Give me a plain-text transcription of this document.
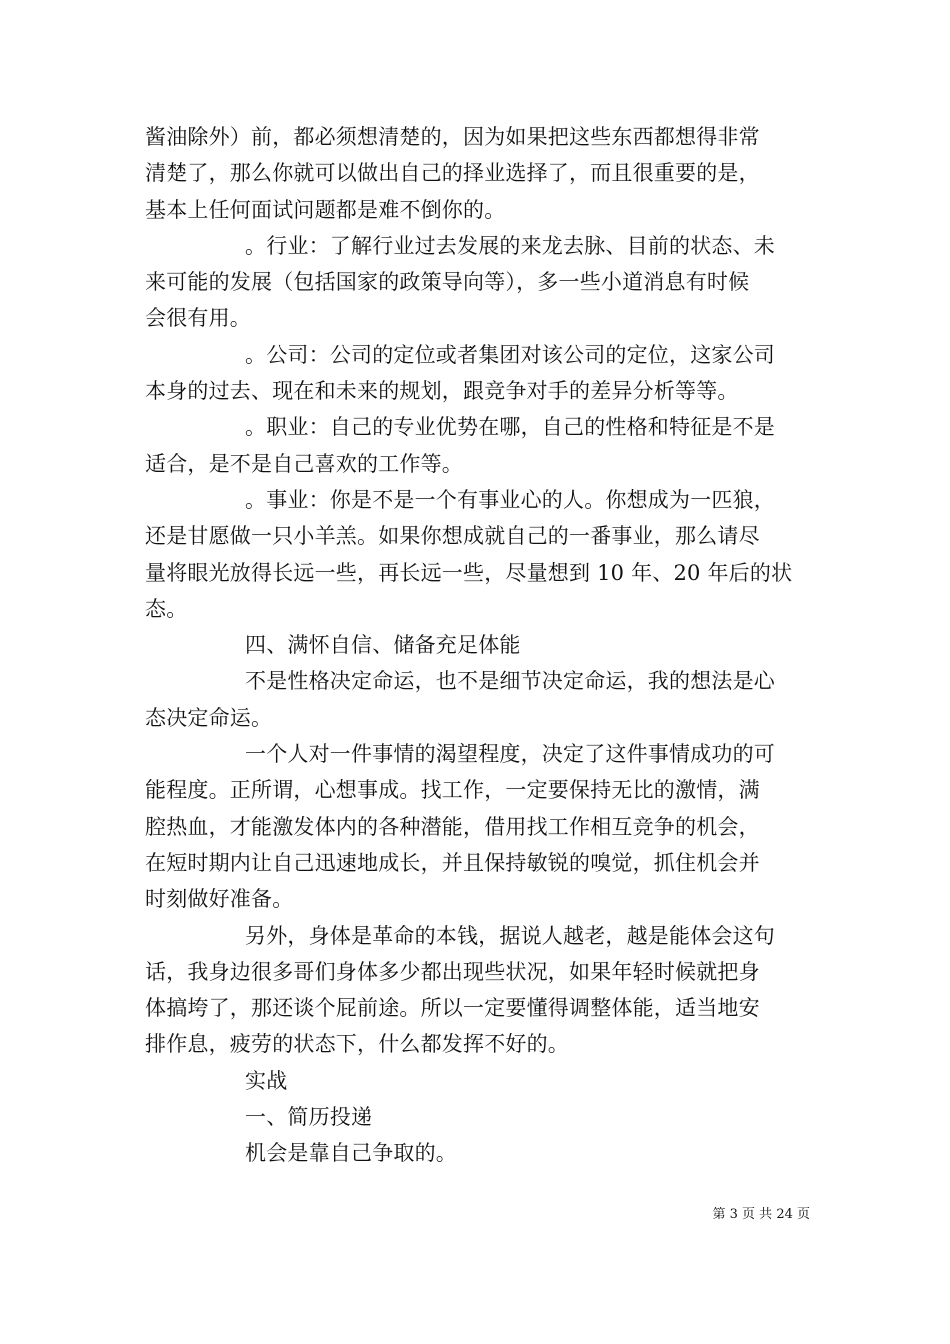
酱油除外）前，都必须想清楚的，因为如果把这些东西都想得非常
清楚了，那么你就可以做出自己的择业选择了，而且很重要的是，
基本上任何面试问题都是难不倒你的。
。行业：了解行业过去发展的来龙去脉、目前的状态、未
来可能的发展（包括国家的政策导向等），多一些小道消息有时候
会很有用。
。公司：公司的定位或者集团对该公司的定位，这家公司
本身的过去、现在和未来的规划，跟竞争对手的差异分析等等。
。职业：自己的专业优势在哪，自己的性格和特征是不是
适合，是不是自己喜欢的工作等。
。事业：你是不是一个有事业心的人。你想成为一匹狼，
还是甘愿做一只小羊羔。如果你想成就自己的一番事业，那么请尽
量将眼光放得长远一些，再长远一些，尽量想到 10 年、20 年后的状
态。
四、满怀自信、储备充足体能
不是性格决定命运，也不是细节决定命运，我的想法是心
态决定命运。
一个人对一件事情的渴望程度，决定了这件事情成功的可
能程度。正所谓，心想事成。找工作，一定要保持无比的激情，满
腔热血，才能激发体内的各种潜能，借用找工作相互竞争的机会，
在短时期内让自己迅速地成长，并且保持敏锐的嗅觉，抓住机会并
时刻做好准备。
另外，身体是革命的本钱，据说人越老，越是能体会这句
话，我身边很多哥们身体多少都出现些状况，如果年轻时候就把身
体搞垮了，那还谈个屁前途。所以一定要懂得调整体能，适当地安
排作息，疲劳的状态下，什么都发挥不好的。
实战
一、简历投递
机会是靠自己争取的。
第 3 页 共 24 页
